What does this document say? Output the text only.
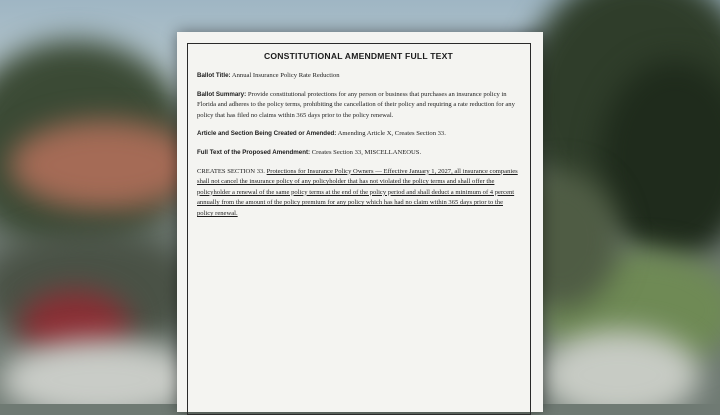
CONSTITUTIONAL AMENDMENT FULL TEXT

Ballot Title: Annual Insurance Policy Rate Reduction

Ballot Summary: Provide constitutional protections for any person or business that purchases an insurance policy in Florida and adheres to the policy terms, prohibiting the cancellation of their policy and requiring a rate reduction for any policy that has filed no claims within 365 days prior to the policy renewal.

Article and Section Being Created or Amended: Amending Article X, Creates Section 33.

Full Text of the Proposed Amendment: Creates Section 33, MISCELLANEOUS.

CREATES SECTION 33. Protections for Insurance Policy Owners — Effective January 1, 2027, all insurance companies shall not cancel the insurance policy of any policyholder that has not violated the policy terms and shall offer the policyholder a renewal of the same policy terms at the end of the policy period and shall deduct a minimum of 4 percent annually from the amount of the policy premium for any policy which has had no claim within 365 days prior to the policy renewal.
